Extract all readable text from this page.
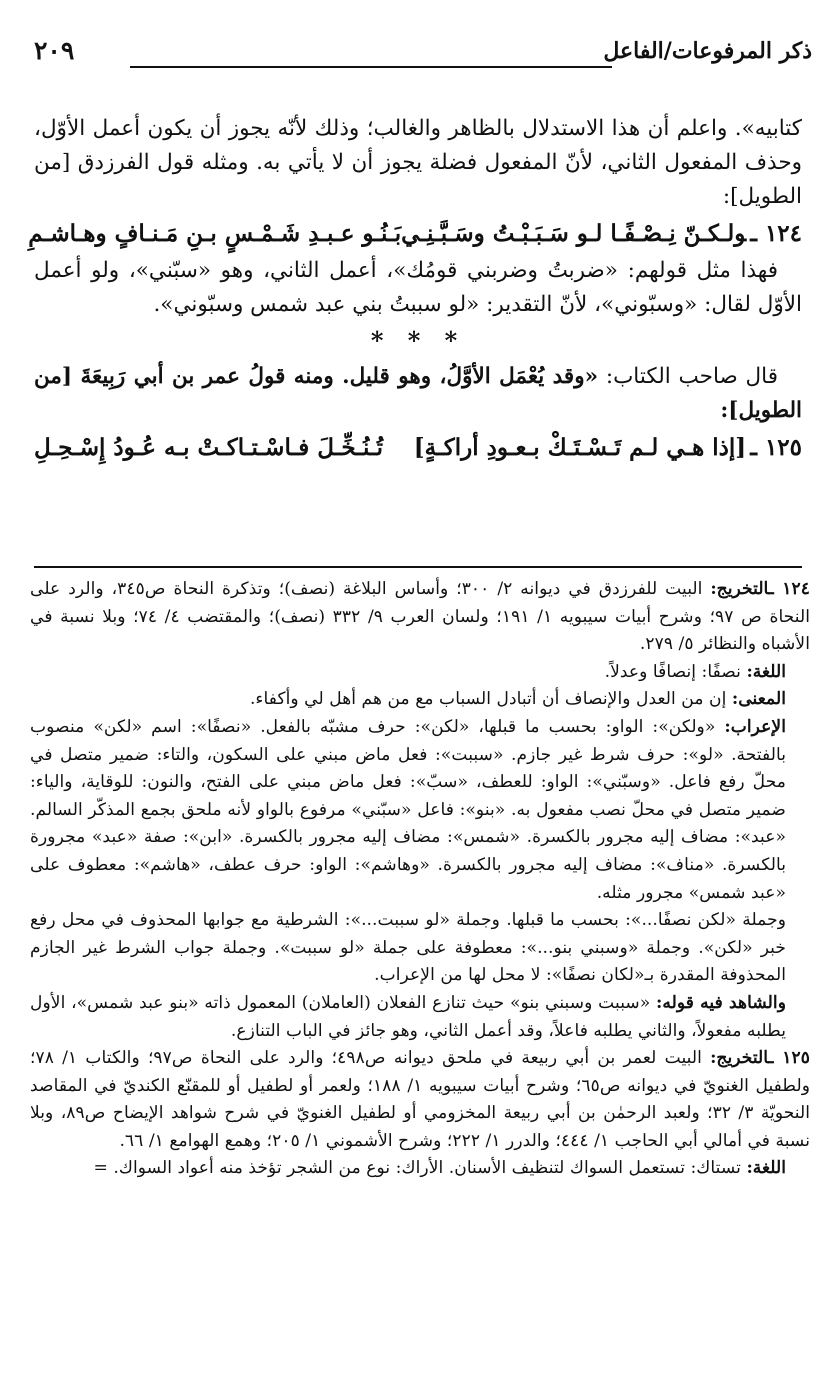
ذكر المرفوعات/الفاعل
٢٠٩

كتابيه». واعلم أن هذا الاستدلال بالظاهر والغالب؛ وذلك لأنّه يجوز أن يكون أعمل الأوّل، وحذف المفعول الثاني، لأنّ المفعول فضلة يجوز أن لا يأتي به. ومثله قول الفرزدق [من الطويل]:

١٢٤ ـولـكـنّ نِـصْـفًـا لـو سَـبَـبْـتُ وسَـبَّـنِـي
بَـنُـو عـبـدِ شَـمْـسٍ بـنِ مَـنـافٍ وهـاشـمِ

فهذا مثل قولهم: «ضربتُ وضربني قومُك»، أعمل الثاني، وهو «سبّني»، ولو أعمل الأوّل لقال: «وسبّوني»، لأنّ التقدير: «لو سببتُ بني عبد شمس وسبّوني».

* * *

قال صاحب الكتاب: «وقد يُعْمَل الأوَّلُ، وهو قليل. ومنه قولُ عمر بن أبي رَبِيعَةَ [من الطويل]:

١٢٥ ـ[إذا هـي لـم تَـسْـتَـكْ بـعـودِ أراكـةٍ]
تُـنُـخِّـلَ فـاسْـتـاكـتْ بـه عُـودُ إِسْـحِـلِ

١٢٤ ـالتخريج: البيت للفرزدق في ديوانه ٢/ ٣٠٠؛ وأساس البلاغة (نصف)؛ وتذكرة النحاة ص٣٤٥، والرد على النحاة ص ٩٧؛ وشرح أبيات سيبويه ١/ ١٩١؛ ولسان العرب ٩/ ٣٣٢ (نصف)؛ والمقتضب ٤/ ٧٤؛ وبلا نسبة في الأشباه والنظائر ٥/ ٢٧٩.

اللغة: نصفًا: إنصافًا وعدلاً.

المعنى: إن من العدل والإنصاف أن أتبادل السباب مع من هم أهل لي وأكفاء.

الإعراب: «ولكن»: الواو: بحسب ما قبلها، «لكن»: حرف مشبّه بالفعل. «نصفًا»: اسم «لكن» منصوب بالفتحة. «لو»: حرف شرط غير جازم. «سببت»: فعل ماض مبني على السكون، والتاء: ضمير متصل في محلّ رفع فاعل. «وسبّني»: الواو: للعطف، «سبّ»: فعل ماض مبني على الفتح، والنون: للوقاية، والياء: ضمير متصل في محلّ نصب مفعول به. «بنو»: فاعل «سبّني» مرفوع بالواو لأنه ملحق بجمع المذكّر السالم. «عبد»: مضاف إليه مجرور بالكسرة. «شمس»: مضاف إليه مجرور بالكسرة. «ابن»: صفة «عبد» مجرورة بالكسرة. «مناف»: مضاف إليه مجرور بالكسرة. «وهاشم»: الواو: حرف عطف، «هاشم»: معطوف على «عبد شمس» مجرور مثله.

وجملة «لكن نصفًا...»: بحسب ما قبلها. وجملة «لو سببت...»: الشرطية مع جوابها المحذوف في محل رفع خبر «لكن». وجملة «وسبني بنو...»: معطوفة على جملة «لو سببت». وجملة جواب الشرط غير الجازم المحذوفة المقدرة بـ«لكان نصفًا»: لا محل لها من الإعراب.

والشاهد فيه قوله: «سببت وسبني بنو» حيث تنازع الفعلان (العاملان) المعمول ذاته «بنو عبد شمس»، الأول يطلبه مفعولاً، والثاني يطلبه فاعلاً، وقد أعمل الثاني، وهو جائز في الباب التنازع.

١٢٥ ـالتخريج: البيت لعمر بن أبي ربيعة في ملحق ديوانه ص٤٩٨؛ والرد على النحاة ص٩٧؛ والكتاب ١/ ٧٨؛ ولطفيل الغنويّ في ديوانه ص٦٥؛ وشرح أبيات سيبويه ١/ ١٨٨؛ ولعمر أو لطفيل أو للمقنّع الكنديّ في المقاصد النحويّة ٣/ ٣٢؛ ولعبد الرحمٰن بن أبي ربيعة المخزومي أو لطفيل الغنويّ في شرح شواهد الإيضاح ص٨٩، وبلا نسبة في أمالي أبي الحاجب ١/ ٤٤٤؛ والدرر ١/ ٢٢٢؛ وشرح الأشموني ١/ ٢٠٥؛ وهمع الهوامع ١/ ٦٦.

اللغة: تستاك: تستعمل السواك لتنظيف الأسنان. الأراك: نوع من الشجر تؤخذ منه أعواد السواك. =
